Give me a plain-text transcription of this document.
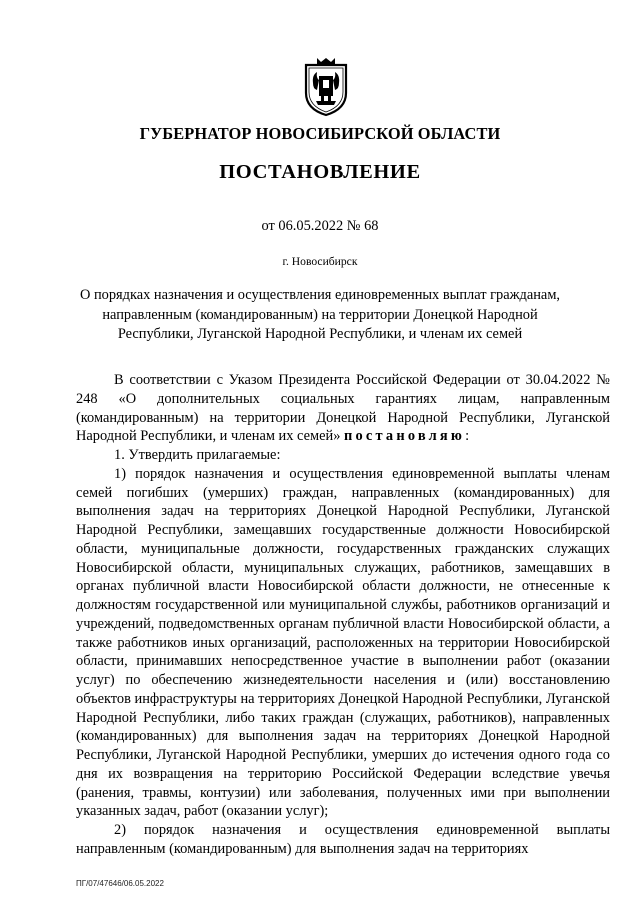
ГУБЕРНАТОР НОВОСИБИРСКОЙ ОБЛАСТИ
ПОСТАНОВЛЕНИЕ
от 06.05.2022 № 68
г. Новосибирск
О порядках назначения и осуществления единовременных выплат гражданам, направленным (командированным) на территории Донецкой Народной Республики, Луганской Народной Республики, и членам их семей

В соответствии с Указом Президента Российской Федерации от 30.04.2022 № 248 «О дополнительных социальных гарантиях лицам, направленным (командированным) на территории Донецкой Народной Республики, Луганской Народной Республики, и членам их семей» постановляю:

1. Утвердить прилагаемые:

1) порядок назначения и осуществления единовременной выплаты членам семей погибших (умерших) граждан, направленных (командированных) для выполнения задач на территориях Донецкой Народной Республики, Луганской Народной Республики, замещавших государственные должности Новосибирской области, муниципальные должности, государственных гражданских служащих Новосибирской области, муниципальных служащих, работников, замещавших в органах публичной власти Новосибирской области должности, не отнесенные к должностям государственной или муниципальной службы, работников организаций и учреждений, подведомственных органам публичной власти Новосибирской области, а также работников иных организаций, расположенных на территории Новосибирской области, принимавших непосредственное участие в выполнении работ (оказании услуг) по обеспечению жизнедеятельности населения и (или) восстановлению объектов инфраструктуры на территориях Донецкой Народной Республики, Луганской Народной Республики, либо таких граждан (служащих, работников), направленных (командированных) для выполнения задач на территориях Донецкой Народной Республики, Луганской Народной Республики, умерших до истечения одного года со дня их возвращения на территорию Российской Федерации вследствие увечья (ранения, травмы, контузии) или заболевания, полученных ими при выполнении указанных задач, работ (оказании услуг);

2) порядок назначения и осуществления единовременной выплаты направленным (командированным) для выполнения задач на территориях

ПГ/07/47646/06.05.2022
